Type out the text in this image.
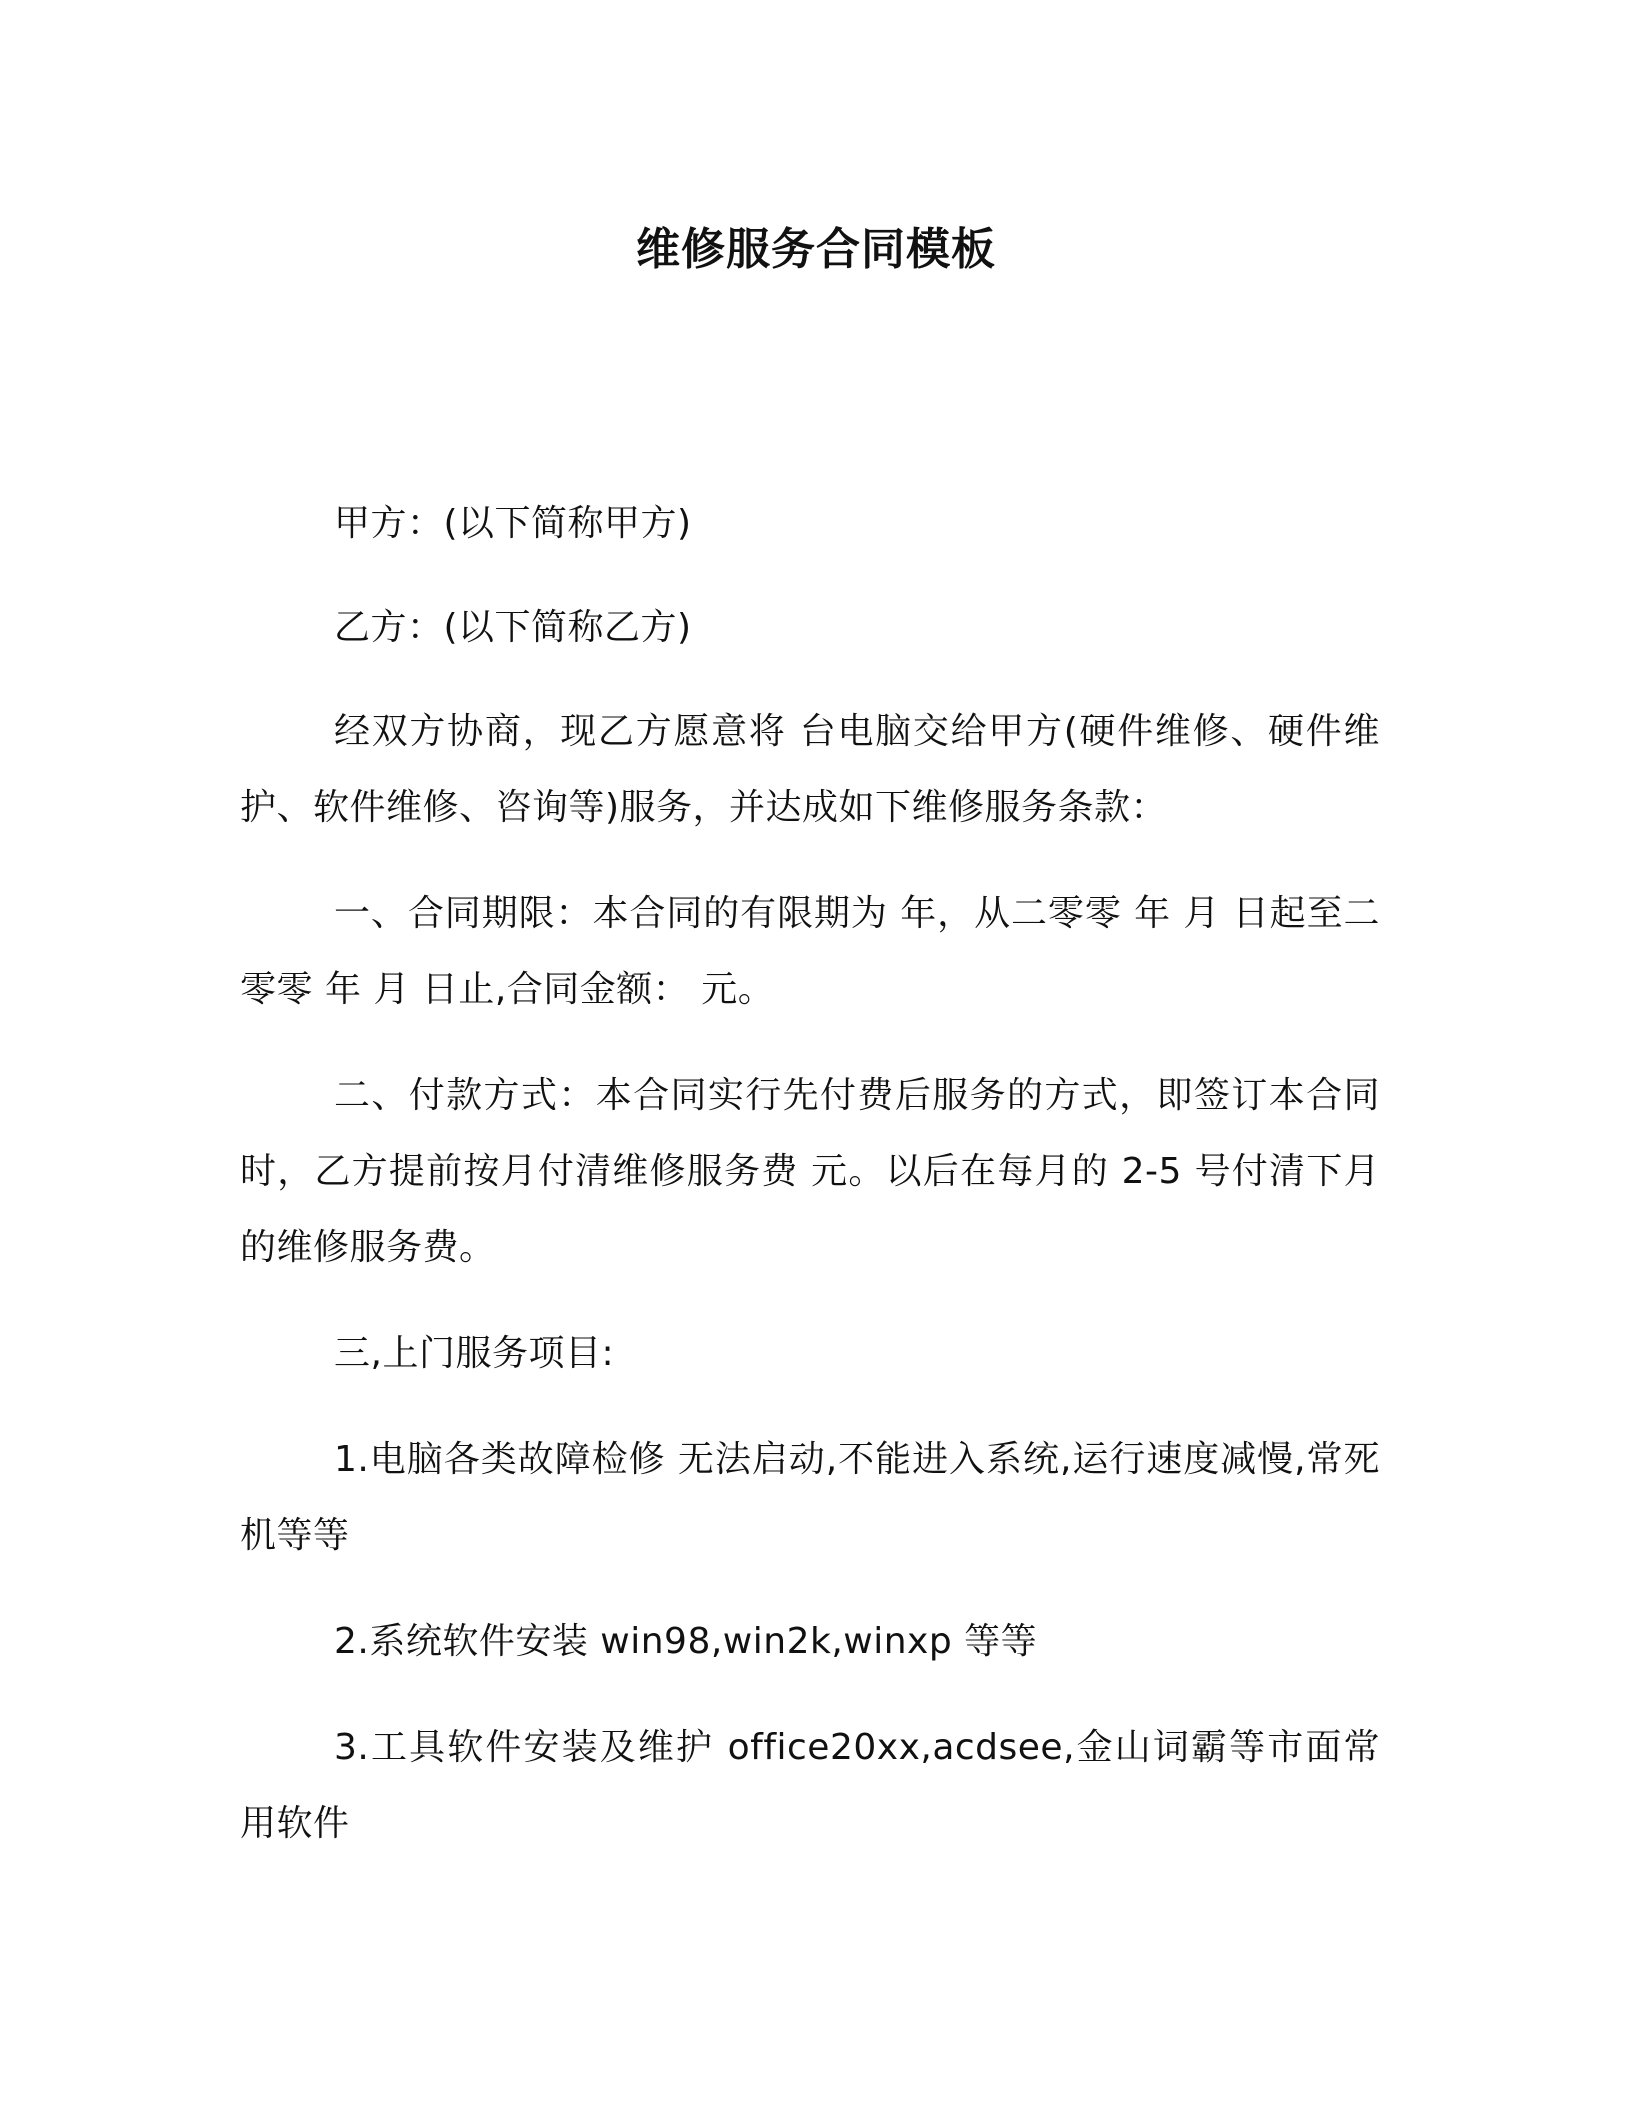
维修服务合同模板

甲方：(以下简称甲方)

乙方：(以下简称乙方)

经双方协商，现乙方愿意将 台电脑交给甲方(硬件维修、硬件维护、软件维修、咨询等)服务，并达成如下维修服务条款：

一、合同期限：本合同的有限期为 年，从二零零 年 月 日起至二零零 年 月 日止,合同金额： 元。

二、付款方式：本合同实行先付费后服务的方式，即签订本合同时，乙方提前按月付清维修服务费 元。以后在每月的 2-5 号付清下月的维修服务费。

三,上门服务项目:

1.电脑各类故障检修 无法启动,不能进入系统,运行速度减慢,常死机等等

2.系统软件安装 win98,win2k,winxp 等等

3.工具软件安装及维护 office20xx,acdsee,金山词霸等市面常用软件
